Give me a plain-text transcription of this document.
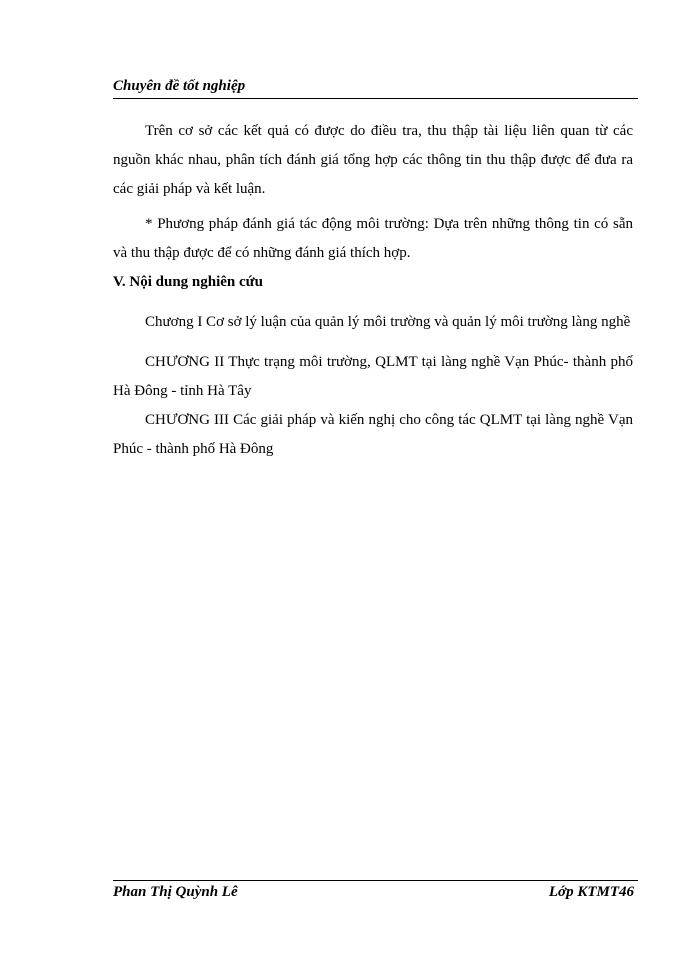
Chuyên đề tốt nghiệp

Trên cơ sở các kết quả có được do điều tra, thu thập tài liệu liên quan từ các nguồn khác nhau, phân tích đánh giá tổng hợp các thông tin thu thập được để đưa ra các giải pháp và kết luận.

* Phương pháp đánh giá tác động môi trường: Dựa trên những thông tin có sẵn và thu thập được để có những đánh giá thích hợp.

V. Nội dung nghiên cứu

Chương I Cơ sở lý luận của quản lý môi trường và quản lý môi trường làng nghề

CHƯƠNG II Thực trạng môi trường, QLMT tại làng nghề Vạn Phúc- thành phố Hà Đông - tỉnh Hà Tây

CHƯƠNG III Các giải pháp và kiến nghị cho công tác QLMT tại làng nghề Vạn Phúc - thành phố Hà Đông

Phan Thị Quỳnh Lê	Lớp KTMT46
